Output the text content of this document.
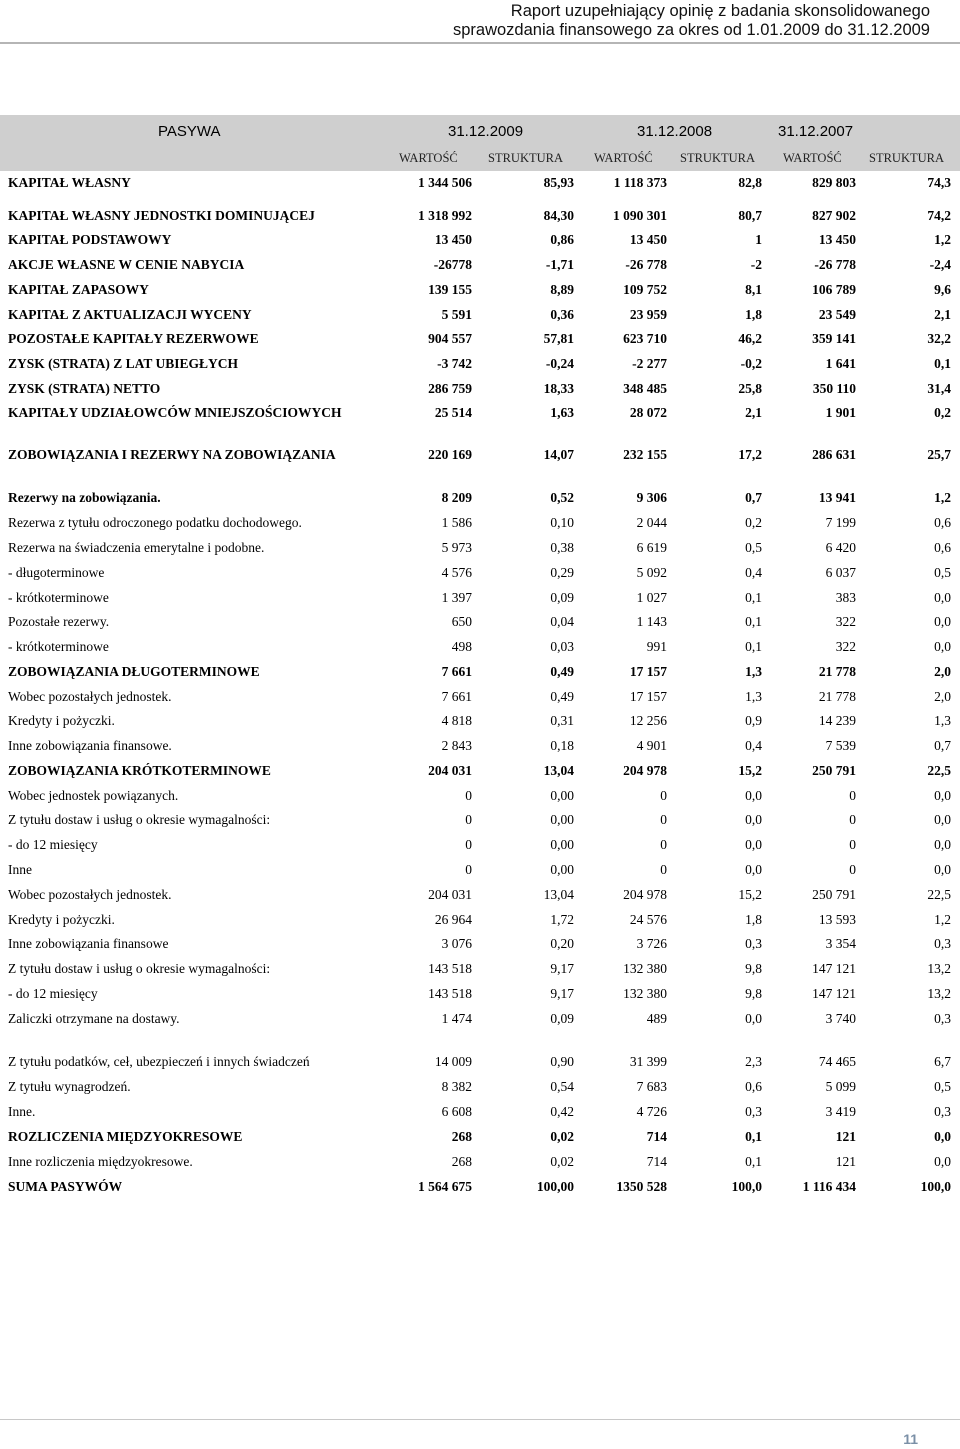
Raport uzupełniający opinię z badania skonsolidowanego
sprawozdania finansowego za okres od 1.01.2009 do 31.12.2009
PASYWA	31.12.2009	31.12.2008	31.12.2007
WARTOŚĆ STRUKTURA WARTOŚĆ STRUKTURA WARTOŚĆ STRUKTURA
KAPITAŁ WŁASNY	1 344 506	85,93	1 118 373	82,8	829 803	74,3
KAPITAŁ WŁASNY JEDNOSTKI DOMINUJĄCEJ	1 318 992	84,30	1 090 301	80,7	827 902	74,2
KAPITAŁ PODSTAWOWY	13 450	0,86	13 450	1	13 450	1,2
AKCJE WŁASNE W CENIE NABYCIA	-26778	-1,71	-26 778	-2	-26 778	-2,4
KAPITAŁ ZAPASOWY	139 155	8,89	109 752	8,1	106 789	9,6
KAPITAŁ Z AKTUALIZACJI WYCENY	5 591	0,36	23 959	1,8	23 549	2,1
POZOSTAŁE KAPITAŁY REZERWOWE	904 557	57,81	623 710	46,2	359 141	32,2
ZYSK (STRATA) Z LAT UBIEGŁYCH	-3 742	-0,24	-2 277	-0,2	1 641	0,1
ZYSK (STRATA) NETTO	286 759	18,33	348 485	25,8	350 110	31,4
KAPITAŁY UDZIAŁOWCÓW MNIEJSZOŚCIOWYCH	25 514	1,63	28 072	2,1	1 901	0,2
ZOBOWIĄZANIA I REZERWY NA ZOBOWIĄZANIA	220 169	14,07	232 155	17,2	286 631	25,7
Rezerwy na zobowiązania.	8 209	0,52	9 306	0,7	13 941	1,2
Rezerwa z tytułu odroczonego podatku dochodowego.	1 586	0,10	2 044	0,2	7 199	0,6
Rezerwa na świadczenia emerytalne i podobne.	5 973	0,38	6 619	0,5	6 420	0,6
- długoterminowe	4 576	0,29	5 092	0,4	6 037	0,5
- krótkoterminowe	1 397	0,09	1 027	0,1	383	0,0
Pozostałe rezerwy.	650	0,04	1 143	0,1	322	0,0
- krótkoterminowe	498	0,03	991	0,1	322	0,0
ZOBOWIĄZANIA DŁUGOTERMINOWE	7 661	0,49	17 157	1,3	21 778	2,0
Wobec pozostałych jednostek.	7 661	0,49	17 157	1,3	21 778	2,0
Kredyty i pożyczki.	4 818	0,31	12 256	0,9	14 239	1,3
Inne zobowiązania finansowe.	2 843	0,18	4 901	0,4	7 539	0,7
ZOBOWIĄZANIA KRÓTKOTERMINOWE	204 031	13,04	204 978	15,2	250 791	22,5
Wobec jednostek powiązanych.	0	0,00	0	0,0	0	0,0
Z tytułu dostaw i usług o okresie wymagalności:	0	0,00	0	0,0	0	0,0
- do 12 miesięcy	0	0,00	0	0,0	0	0,0
Inne	0	0,00	0	0,0	0	0,0
Wobec pozostałych jednostek.	204 031	13,04	204 978	15,2	250 791	22,5
Kredyty i pożyczki.	26 964	1,72	24 576	1,8	13 593	1,2
Inne zobowiązania finansowe	3 076	0,20	3 726	0,3	3 354	0,3
Z tytułu dostaw i usług o okresie wymagalności:	143 518	9,17	132 380	9,8	147 121	13,2
- do 12 miesięcy	143 518	9,17	132 380	9,8	147 121	13,2
Zaliczki otrzymane na dostawy.	1 474	0,09	489	0,0	3 740	0,3
Z tytułu podatków, ceł, ubezpieczeń i innych świadczeń	14 009	0,90	31 399	2,3	74 465	6,7
Z tytułu wynagrodzeń.	8 382	0,54	7 683	0,6	5 099	0,5
Inne.	6 608	0,42	4 726	0,3	3 419	0,3
ROZLICZENIA MIĘDZYOKRESOWE	268	0,02	714	0,1	121	0,0
Inne rozliczenia międzyokresowe.	268	0,02	714	0,1	121	0,0
SUMA PASYWÓW	1 564 675	100,00	1350 528	100,0	1 116 434	100,0
11
